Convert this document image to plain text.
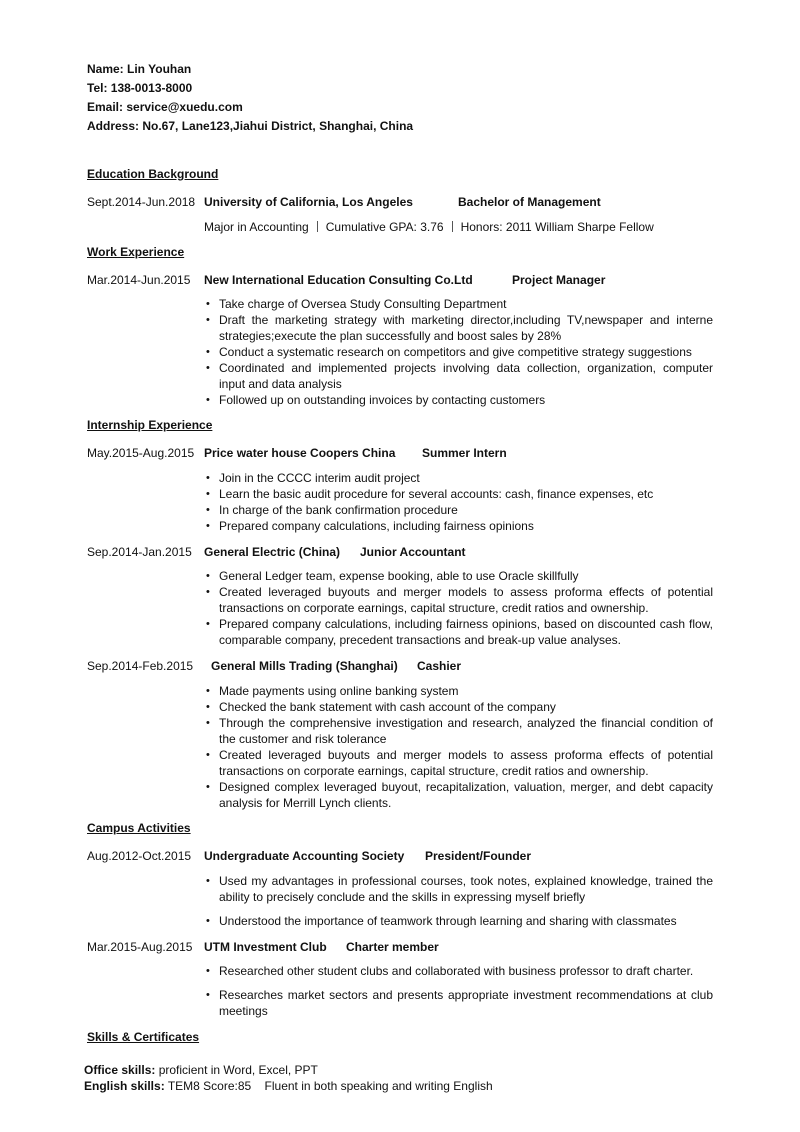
Name: Lin Youhan
Tel: 138-0013-8000
Email: service@xuedu.com
Address: No.67, Lane123,Jiahui District, Shanghai, China
Education Background
Sept.2014-Jun.2018 University of California, Los Angeles	Bachelor of Management
Major in Accounting Cumulative GPA: 3.76 Honors: 2011 William Sharpe Fellow
Work Experience
Mar.2014-Jun.2015	New International Education Consulting Co.Ltd	Project Manager
• Take charge of Oversea Study Consulting Department
• Draft the marketing strategy with marketing director,including TV,newspaper and interne strategies;execute the plan successfully and boost sales by 28%
• Conduct a systematic research on competitors and give competitive strategy suggestions
• Coordinated and implemented projects involving data collection, organization, computer input and data analysis
• Followed up on outstanding invoices by contacting customers
Internship Experience
May.2015-Aug.2015 Price water house Coopers China Summer Intern
• Join in the CCCC interim audit project
• Learn the basic audit procedure for several accounts: cash, finance expenses, etc
• In charge of the bank confirmation procedure
• Prepared company calculations, including fairness opinions
Sep.2014-Jan.2015	General Electric (China) Junior Accountant
• General Ledger team, expense booking, able to use Oracle skillfully
• Created leveraged buyouts and merger models to assess proforma effects of potential transactions on corporate earnings, capital structure, credit ratios and ownership.
• Prepared company calculations, including fairness opinions, based on discounted cash flow, comparable company, precedent transactions and break-up value analyses.
Sep.2014-Feb.2015	General Mills Trading (Shanghai) Cashier
• Made payments using online banking system
• Checked the bank statement with cash account of the company
• Through the comprehensive investigation and research, analyzed the financial condition of the customer and risk tolerance
• Created leveraged buyouts and merger models to assess proforma effects of potential transactions on corporate earnings, capital structure, credit ratios and ownership.
• Designed complex leveraged buyout, recapitalization, valuation, merger, and debt capacity analysis for Merrill Lynch clients.
Campus Activities
Aug.2012-Oct.2015	Undergraduate Accounting Society President/Founder
• Used my advantages in professional courses, took notes, explained knowledge, trained the ability to precisely conclude and the skills in expressing myself briefly
• Understood the importance of teamwork through learning and sharing with classmates
Mar.2015-Aug.2015 UTM Investment Club Charter member
• Researched other student clubs and collaborated with business professor to draft charter.
• Researches market sectors and presents appropriate investment recommendations at club meetings
Skills & Certificates
Office skills: proficient in Word, Excel, PPT
English skills: TEM8 Score:85    Fluent in both speaking and writing English
